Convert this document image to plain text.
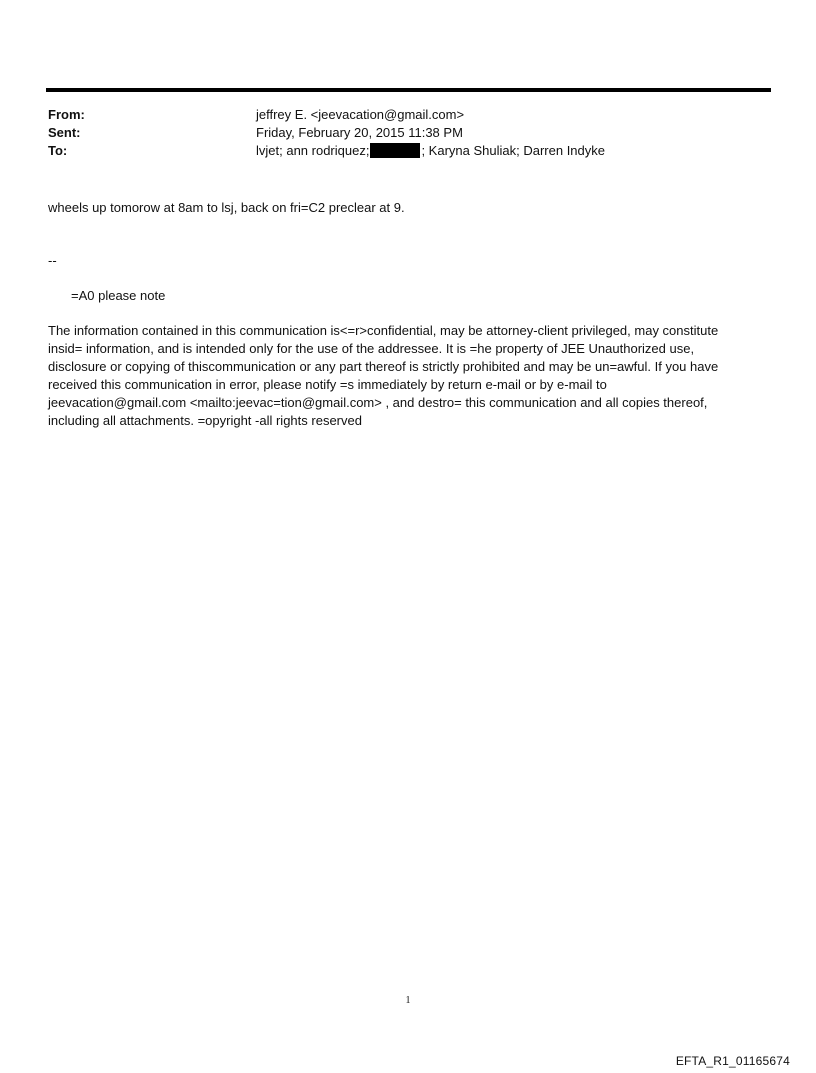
From:	jeffrey E. <jeevacation@gmail.com>
Sent:	Friday, February 20, 2015 11:38 PM
To:	lvjet; ann rodriquez;	; Karyna Shuliak; Darren Indyke
wheels up tomorow at 8am to lsj, back on fri=C2 preclear at 9.
--
=A0 please note
The information contained in this communication is<=r>confidential, may be attorney-client privileged, may constitute
insid= information, and is intended only for the use of the addressee. It is =he property of JEE Unauthorized use,
disclosure or copying of thiscommunication or any part thereof is strictly prohibited and may be un=awful. If you have
received this communication in error, please notify =s immediately by return e-mail or by e-mail to
jeevacation@gmail.com <mailto:jeevac=tion@gmail.com> , and destro= this communication and all copies thereof,
including all attachments. =opyright -all rights reserved
1
EFTA_R1_01165674
